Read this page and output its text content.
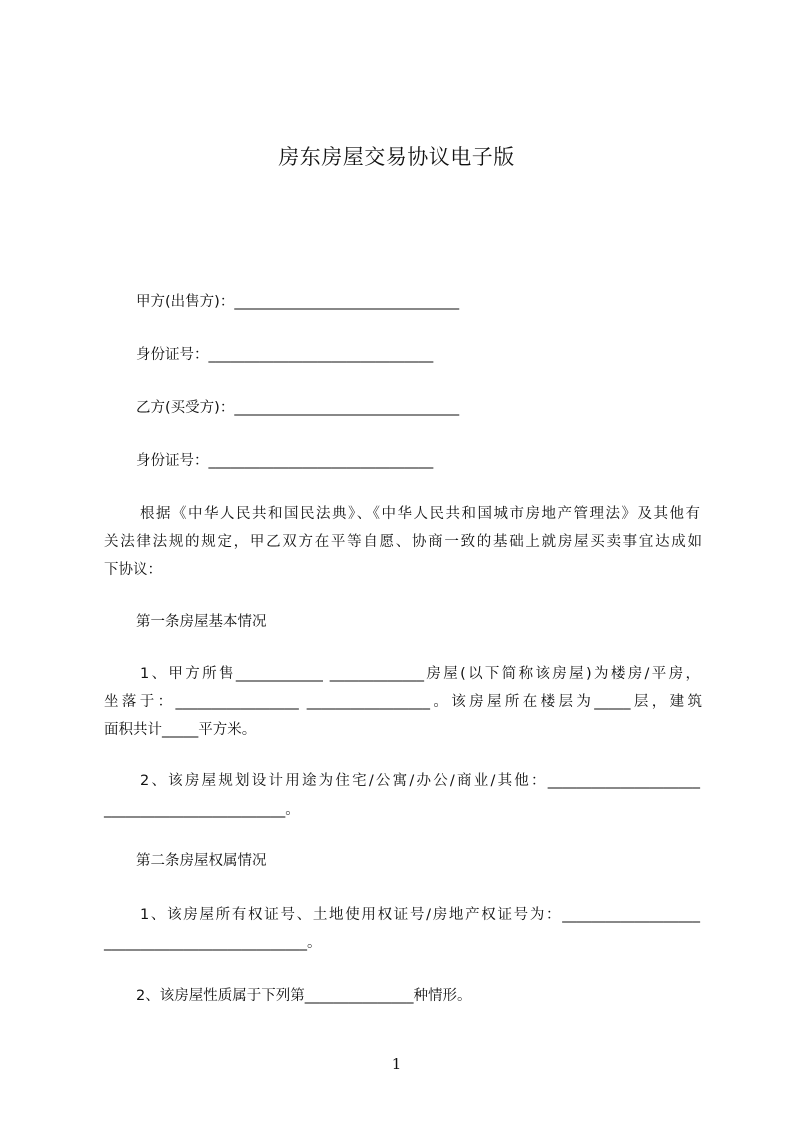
房东房屋交易协议电子版
甲方(出售方)：_______________________________
身份证号：_______________________________
乙方(买受方)：_______________________________
身份证号：_______________________________
根据《中华人民共和国民法典》、《中华人民共和国城市房地产管理法》及其他有
关法律法规的规定，甲乙双方在平等自愿、协商一致的基础上就房屋买卖事宜达成如
下协议：
第一条房屋基本情况
1、甲方所售____________ _____________房屋(以下简称该房屋)为楼房/平房，
坐落于：_________________ _________________。该房屋所在楼层为_____层，建筑
面积共计_____平方米。
2、该房屋规划设计用途为住宅/公寓/办公/商业/其他：_____________________
_________________________。
第二条房屋权属情况
1、该房屋所有权证号、土地使用权证号/房地产权证号为：___________________
____________________________。
2、该房屋性质属于下列第_______________种情形。
1
